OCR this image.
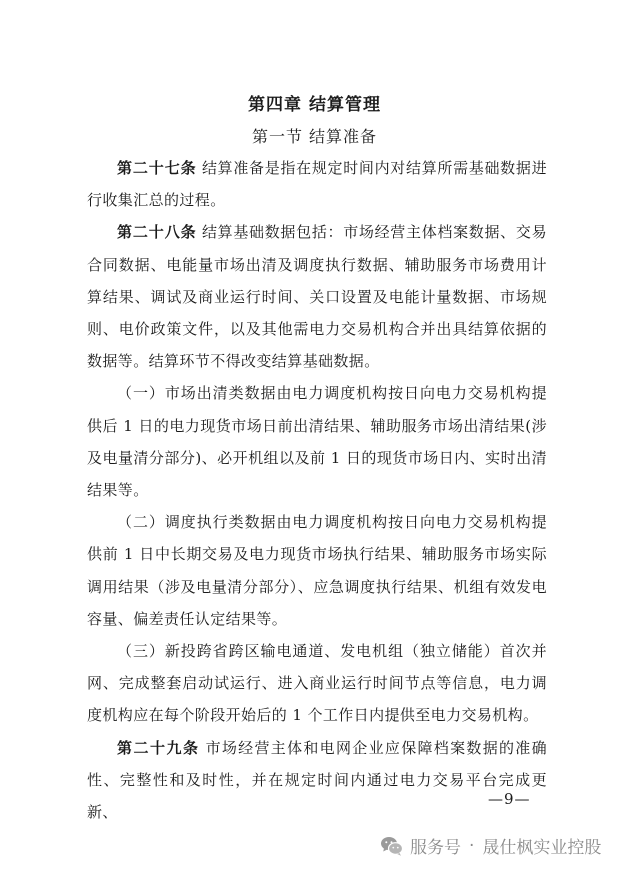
第四章 结算管理
第一节 结算准备

第二十七条 结算准备是指在规定时间内对结算所需基础数据进行收集汇总的过程。

第二十八条 结算基础数据包括：市场经营主体档案数据、交易合同数据、电能量市场出清及调度执行数据、辅助服务市场费用计算结果、调试及商业运行时间、关口设置及电能计量数据、市场规则、电价政策文件，以及其他需电力交易机构合并出具结算依据的数据等。结算环节不得改变结算基础数据。

（一）市场出清类数据由电力调度机构按日向电力交易机构提供后 1 日的电力现货市场日前出清结果、辅助服务市场出清结果(涉及电量清分部分)、必开机组以及前 1 日的现货市场日内、实时出清结果等。

（二）调度执行类数据由电力调度机构按日向电力交易机构提供前 1 日中长期交易及电力现货市场执行结果、辅助服务市场实际调用结果（涉及电量清分部分）、应急调度执行结果、机组有效发电容量、偏差责任认定结果等。

（三）新投跨省跨区输电通道、发电机组（独立储能）首次并网、完成整套启动试运行、进入商业运行时间节点等信息，电力调度机构应在每个阶段开始后的 1 个工作日内提供至电力交易机构。

第二十九条 市场经营主体和电网企业应保障档案数据的准确性、完整性和及时性，并在规定时间内通过电力交易平台完成更新、

—9—
服务号 · 晟仕枫实业控股
